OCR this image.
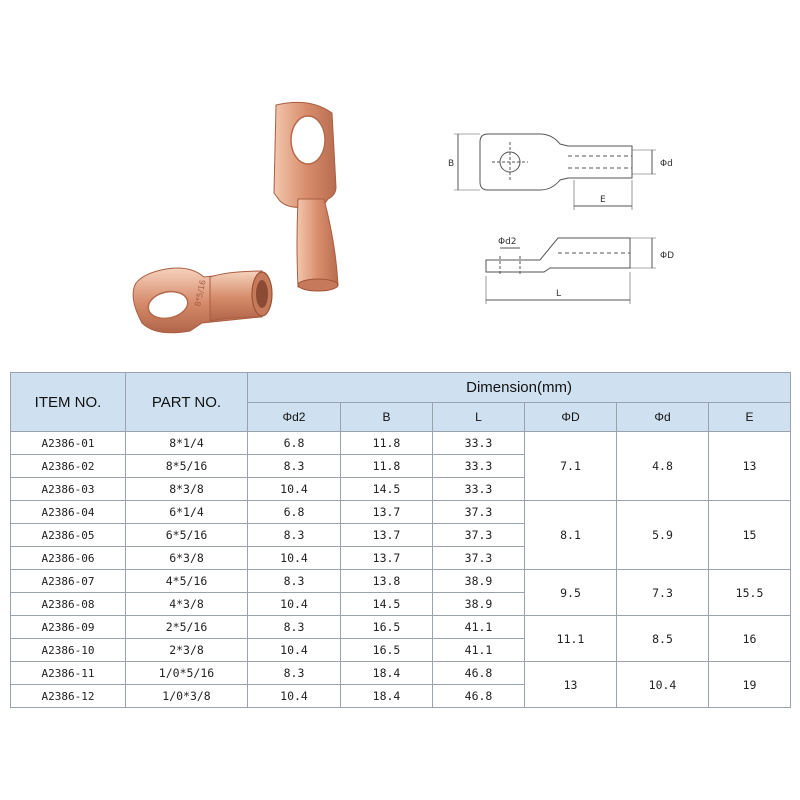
8*5/16
B	Φd
E
Φd2
ΦD
L
ITEM NO.	PART NO.	Dimension(mm)					
		Φd2	B	L	ΦD	Φd	E
A2386-01	8*1/4	6.8	11.8	33.3	7.1	4.8	13
A2386-02	8*5/16	8.3	11.8	33.3			
A2386-03	8*3/8	10.4	14.5	33.3			
A2386-04	6*1/4	6.8	13.7	37.3	8.1	5.9	15
A2386-05	6*5/16	8.3	13.7	37.3			
A2386-06	6*3/8	10.4	13.7	37.3			
A2386-07	4*5/16	8.3	13.8	38.9	9.5	7.3	15.5
A2386-08	4*3/8	10.4	14.5	38.9			
A2386-09	2*5/16	8.3	16.5	41.1	11.1	8.5	16
A2386-10	2*3/8	10.4	16.5	41.1			
A2386-11	1/0*5/16	8.3	18.4	46.8	13	10.4	19
A2386-12	1/0*3/8	10.4	18.4	46.8			
